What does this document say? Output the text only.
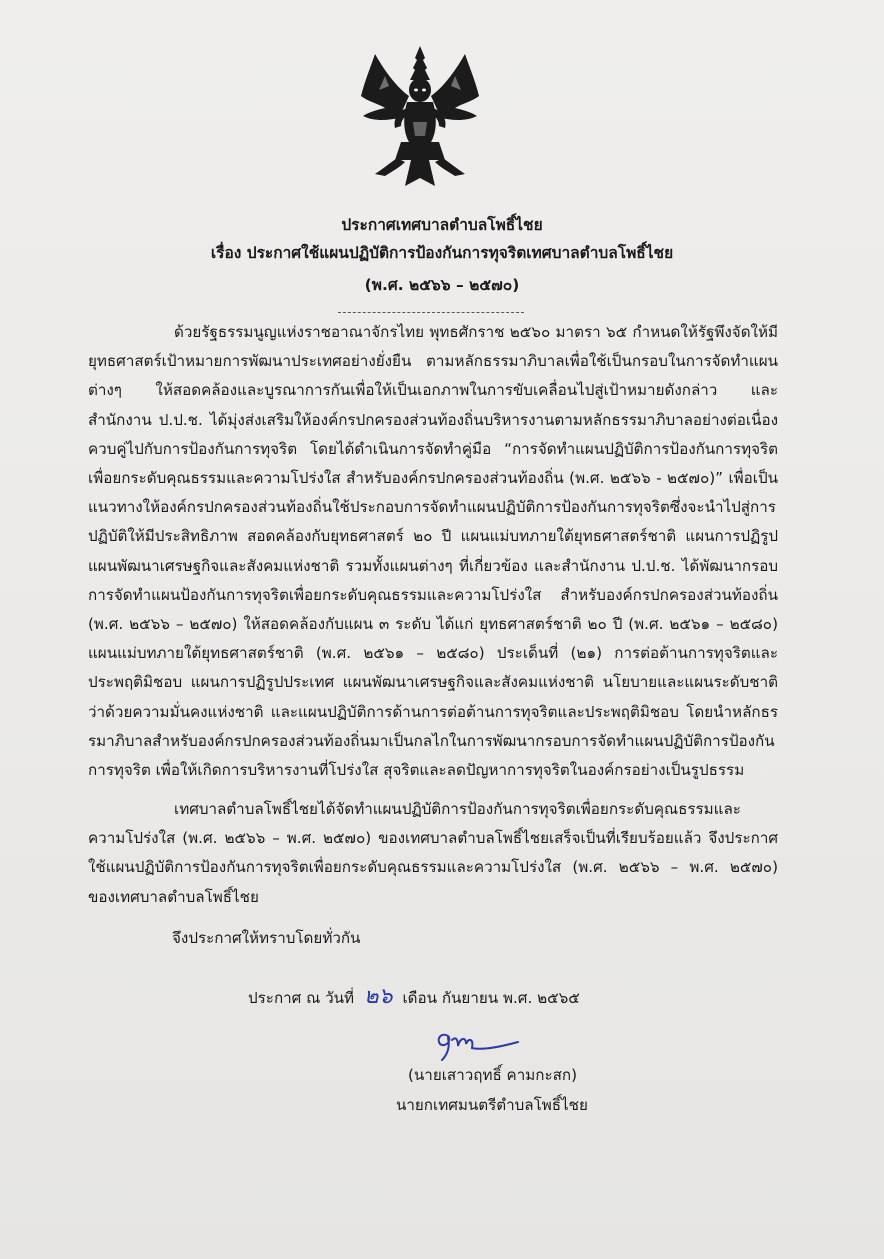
ประกาศเทศบาลตำบลโพธิ์ไชย
เรื่อง ประกาศใช้แผนปฏิบัติการป้องกันการทุจริตเทศบาลตำบลโพธิ์ไชย
(พ.ศ. ๒๕๖๖ – ๒๕๗๐)
ด้วยรัฐธรรมนูญแห่งราชอาณาจักรไทย พุทธศักราช ๒๕๖๐ มาตรา ๖๕ กำหนดให้รัฐพึงจัดให้มียุทธศาสตร์เป้าหมายการพัฒนาประเทศอย่างยั่งยืน ตามหลักธรรมาภิบาลเพื่อใช้เป็นกรอบในการจัดทำแผนต่างๆ ให้สอดคล้องและบูรณาการกันเพื่อให้เป็นเอกภาพในการขับเคลื่อนไปสู่เป้าหมายดังกล่าว และสำนักงาน ป.ป.ช. ได้มุ่งส่งเสริมให้องค์กรปกครองส่วนท้องถิ่นบริหารงานตามหลักธรรมาภิบาลอย่างต่อเนื่อง ควบคู่ไปกับการป้องกันการทุจริต โดยได้ดำเนินการจัดทำคู่มือ “การจัดทำแผนปฏิบัติการป้องกันการทุจริตเพื่อยกระดับคุณธรรมและความโปร่งใส สำหรับองค์กรปกครองส่วนท้องถิ่น (พ.ศ. ๒๕๖๖ - ๒๕๗๐)” เพื่อเป็นแนวทางให้องค์กรปกครองส่วนท้องถิ่นใช้ประกอบการจัดทำแผนปฏิบัติการป้องกันการทุจริตซึ่งจะนำไปสู่การปฏิบัติให้มีประสิทธิภาพ สอดคล้องกับยุทธศาสตร์ ๒๐ ปี แผนแม่บทภายใต้ยุทธศาสตร์ชาติ แผนการปฏิรูปแผนพัฒนาเศรษฐกิจและสังคมแห่งชาติ รวมทั้งแผนต่างๆ ที่เกี่ยวข้อง และสำนักงาน ป.ป.ช. ได้พัฒนากรอบการจัดทำแผนป้องกันการทุจริตเพื่อยกระดับคุณธรรมและความโปร่งใส สำหรับองค์กรปกครองส่วนท้องถิ่น (พ.ศ. ๒๕๖๖ – ๒๕๗๐) ให้สอดคล้องกับแผน ๓ ระดับ ได้แก่ ยุทธศาสตร์ชาติ ๒๐ ปี (พ.ศ. ๒๕๖๑ – ๒๕๘๐) แผนแม่บทภายใต้ยุทธศาสตร์ชาติ (พ.ศ. ๒๕๖๑ – ๒๕๘๐) ประเด็นที่ (๒๑) การต่อต้านการทุจริตและประพฤติมิชอบ แผนการปฏิรูปประเทศ แผนพัฒนาเศรษฐกิจและสังคมแห่งชาติ นโยบายและแผนระดับชาติว่าด้วยความมั่นคงแห่งชาติ และแผนปฏิบัติการด้านการต่อต้านการทุจริตและประพฤติมิชอบ โดยนำหลักธรรมาภิบาลสำหรับองค์กรปกครองส่วนท้องถิ่นมาเป็นกลไกในการพัฒนากรอบการจัดทำแผนปฏิบัติการป้องกันการทุจริต เพื่อให้เกิดการบริหารงานที่โปร่งใส สุจริตและลดปัญหาการทุจริตในองค์กรอย่างเป็นรูปธรรม
เทศบาลตำบลโพธิ์ไชยได้จัดทำแผนปฏิบัติการป้องกันการทุจริตเพื่อยกระดับคุณธรรมและความโปร่งใส (พ.ศ. ๒๕๖๖ – พ.ศ. ๒๕๗๐) ของเทศบาลตำบลโพธิ์ไชยเสร็จเป็นที่เรียบร้อยแล้ว จึงประกาศใช้แผนปฏิบัติการป้องกันการทุจริตเพื่อยกระดับคุณธรรมและความโปร่งใส (พ.ศ. ๒๕๖๖ – พ.ศ. ๒๕๗๐) ของเทศบาลตำบลโพธิ์ไชย
จึงประกาศให้ทราบโดยทั่วกัน
ประกาศ ณ วันที่ ๒๖ เดือน กันยายน พ.ศ. ๒๕๖๕
(นายเสาวฤทธิ์ คามกะสก)
นายกเทศมนตรีตำบลโพธิ์ไชย
